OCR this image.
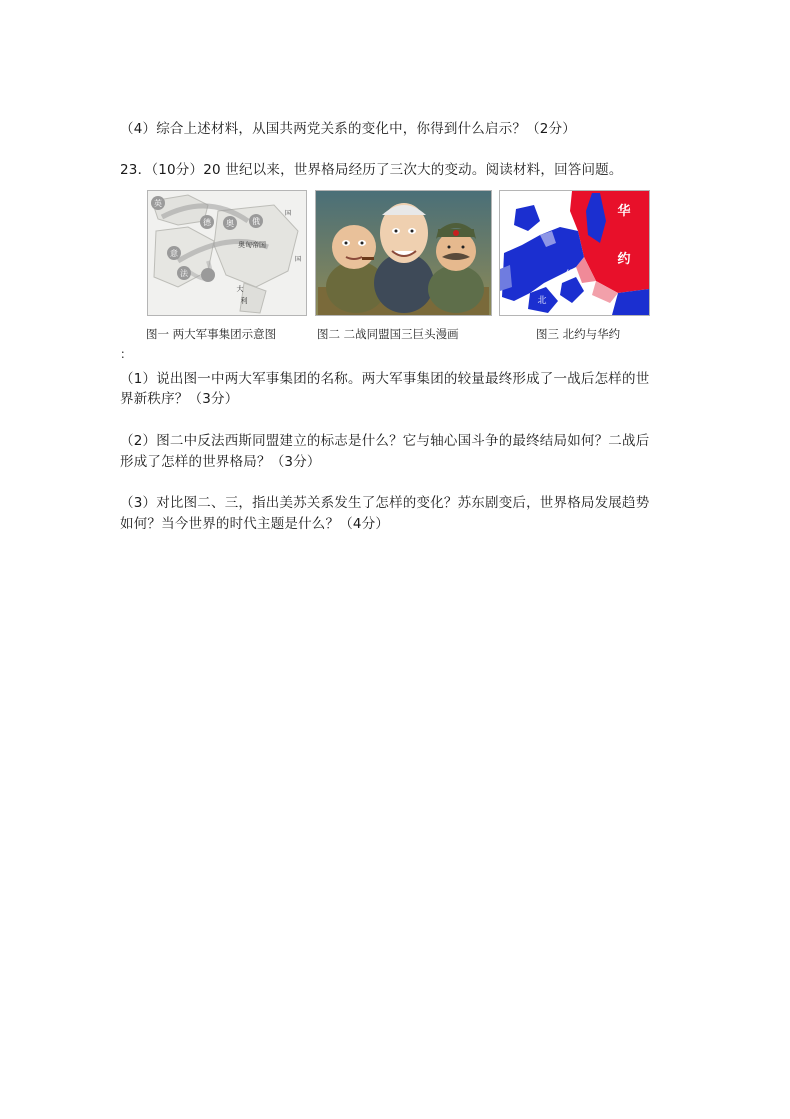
（4）综合上述材料，从国共两党关系的变化中，你得到什么启示？（2分）
23．（10分）20 世纪以来，世界格局经历了三次大的变动。阅读材料，回答问题。
英
德 奥
意
法
俄
奥匈帝国
国
大
利
国
华
约
约
北
图一 两大军事集团示意图	图二 二战同盟国三巨头漫画	图三 北约与华约
：
（1）说出图一中两大军事集团的名称。两大军事集团的较量最终形成了一战后怎样的世
界新秩序？（3分）
（2）图二中反法西斯同盟建立的标志是什么？它与轴心国斗争的最终结局如何？二战后
形成了怎样的世界格局？（3分）
（3）对比图二、三，指出美苏关系发生了怎样的变化？苏东剧变后，世界格局发展趋势
如何？当今世界的时代主题是什么？（4分）
